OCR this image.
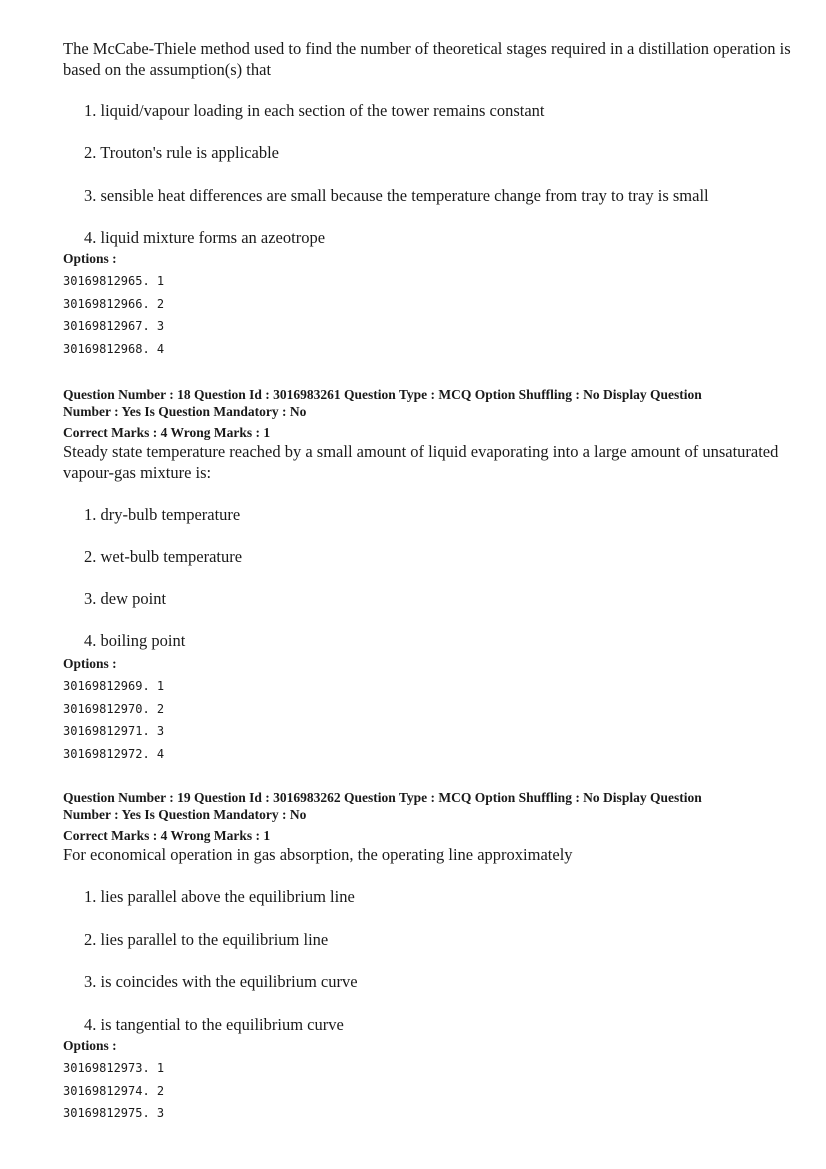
The McCabe-Thiele method used to find the number of theoretical stages required in a distillation operation is based on the assumption(s) that

1. liquid/vapour loading in each section of the tower remains constant
2. Trouton's rule is applicable
3. sensible heat differences are small because the temperature change from tray to tray is small
4. liquid mixture forms an azeotrope
Options :
30169812965. 1
30169812966. 2
30169812967. 3
30169812968. 4
Question Number : 18 Question Id : 3016983261 Question Type : MCQ Option Shuffling : No Display Question
Number : Yes Is Question Mandatory : No
Correct Marks : 4 Wrong Marks : 1

Steady state temperature reached by a small amount of liquid evaporating into a large amount of unsaturated vapour-gas mixture is:

1. dry-bulb temperature
2. wet-bulb temperature
3. dew point
4. boiling point
Options :
30169812969. 1
30169812970. 2
30169812971. 3
30169812972. 4
Question Number : 19 Question Id : 3016983262 Question Type : MCQ Option Shuffling : No Display Question
Number : Yes Is Question Mandatory : No
Correct Marks : 4 Wrong Marks : 1

For economical operation in gas absorption, the operating line approximately

1. lies parallel above the equilibrium line
2. lies parallel to the equilibrium line
3. is coincides with the equilibrium curve
4. is tangential to the equilibrium curve
Options :
30169812973. 1
30169812974. 2
30169812975. 3
